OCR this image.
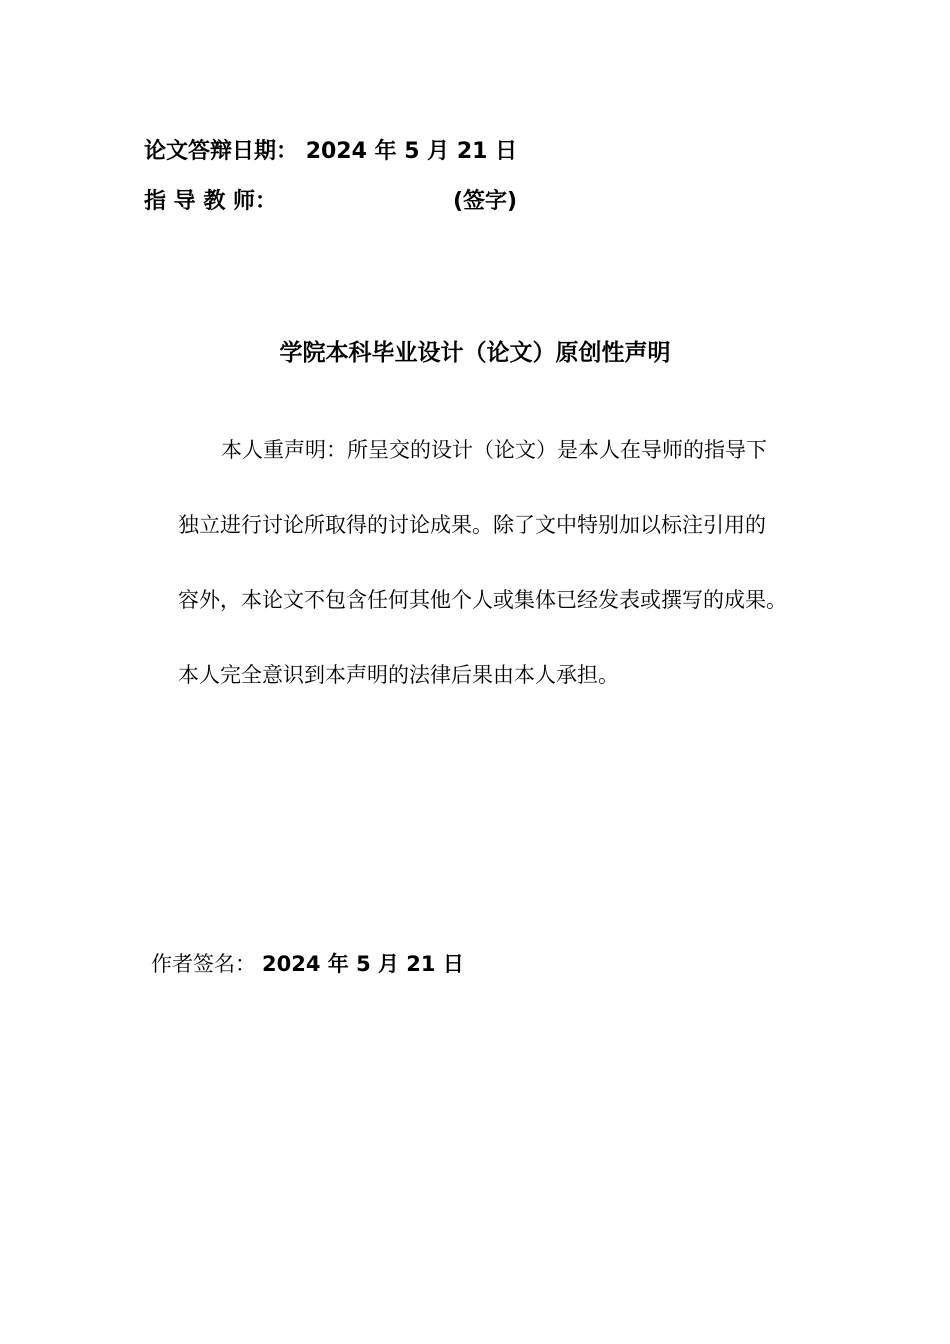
论文答辩日期： 2024 年 5 月 21 日
指 导 教 师：	(签字)
学院本科毕业设计（论文）原创性声明
本人重声明：所呈交的设计（论文）是本人在导师的指导下
独立进行讨论所取得的讨论成果。除了文中特别加以标注引用的
容外，本论文不包含任何其他个人或集体已经发表或撰写的成果。
本人完全意识到本声明的法律后果由本人承担。
作者签名： 2024 年 5 月 21 日
